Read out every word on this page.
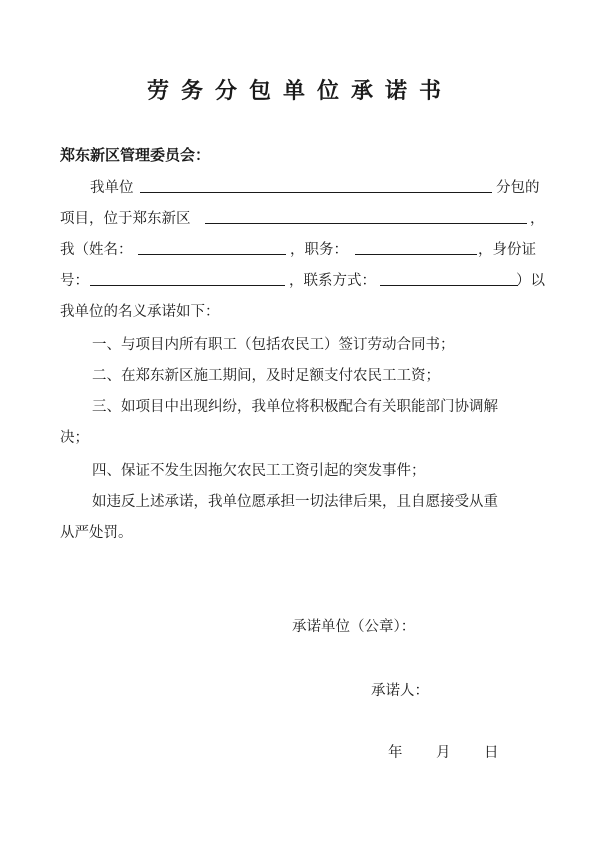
劳务分包单位承诺书
郑东新区管理委员会：
我单位	分包的
项目，位于郑东新区	，
我（姓名：	，职务：	，身份证
号：	，联系方式：	）以
我单位的名义承诺如下：
一、与项目内所有职工（包括农民工）签订劳动合同书；
二、在郑东新区施工期间，及时足额支付农民工工资；
三、如项目中出现纠纷，我单位将积极配合有关职能部门协调解
决；
四、保证不发生因拖欠农民工工资引起的突发事件；
如违反上述承诺，我单位愿承担一切法律后果，且自愿接受从重
从严处罚。
承诺单位（公章）：
承诺人：
年 月 日
